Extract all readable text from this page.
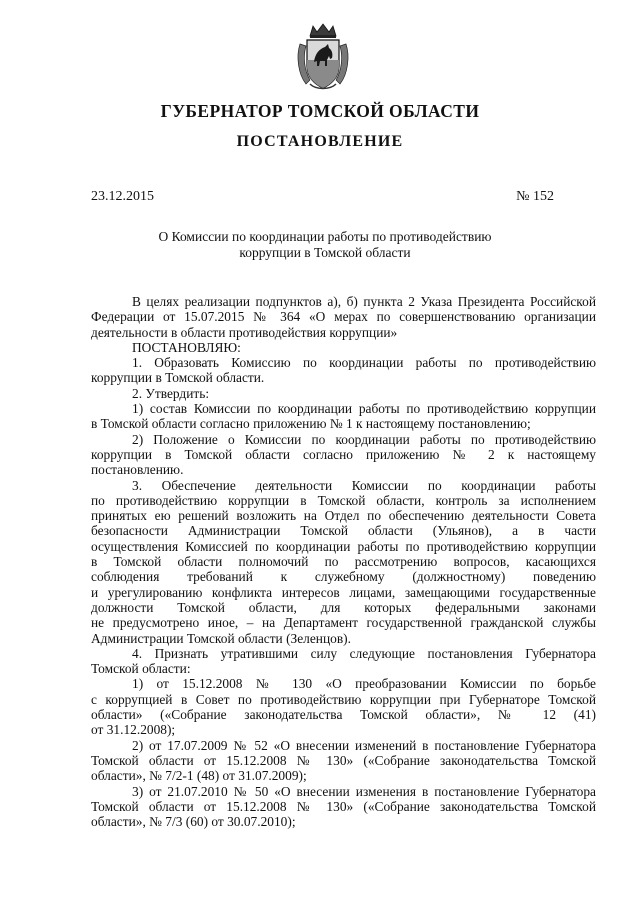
ГУБЕРНАТОР ТОМСКОЙ ОБЛАСТИ
ПОСТАНОВЛЕНИЕ
23.12.2015	№ 152
О Комиссии по координации работы по противодействию
коррупции в Томской области
В целях реализации подпунктов а), б) пункта 2 Указа Президента Российской
Федерации от 15.07.2015 № 364 «О мерах по совершенствованию организации
деятельности в области противодействия коррупции»
ПОСТАНОВЛЯЮ:
1. Образовать Комиссию по координации работы по противодействию
коррупции в Томской области.
2. Утвердить:
1) состав Комиссии по координации работы по противодействию коррупции
в Томской области согласно приложению № 1 к настоящему постановлению;
2) Положение о Комиссии по координации работы по противодействию
коррупции в Томской области согласно приложению № 2 к настоящему
постановлению.
3. Обеспечение деятельности Комиссии по координации работы
по противодействию коррупции в Томской области, контроль за исполнением
принятых ею решений возложить на Отдел по обеспечению деятельности Совета
безопасности Администрации Томской области (Ульянов), а в части
осуществления Комиссией по координации работы по противодействию коррупции
в Томской области полномочий по рассмотрению вопросов, касающихся
соблюдения требований к служебному (должностному) поведению
и урегулированию конфликта интересов лицами, замещающими государственные
должности Томской области, для которых федеральными законами
не предусмотрено иное, – на Департамент государственной гражданской службы
Администрации Томской области (Зеленцов).
4. Признать утратившими силу следующие постановления Губернатора
Томской области:
1) от 15.12.2008 № 130 «О преобразовании Комиссии по борьбе
с коррупцией в Совет по противодействию коррупции при Губернаторе Томской
области» («Собрание законодательства Томской области», № 12 (41)
от 31.12.2008);
2) от 17.07.2009 № 52 «О внесении изменений в постановление Губернатора
Томской области от 15.12.2008 № 130» («Собрание законодательства Томской
области», № 7/2-1 (48) от 31.07.2009);
3) от 21.07.2010 № 50 «О внесении изменения в постановление Губернатора
Томской области от 15.12.2008 № 130» («Собрание законодательства Томской
области», № 7/3 (60) от 30.07.2010);
